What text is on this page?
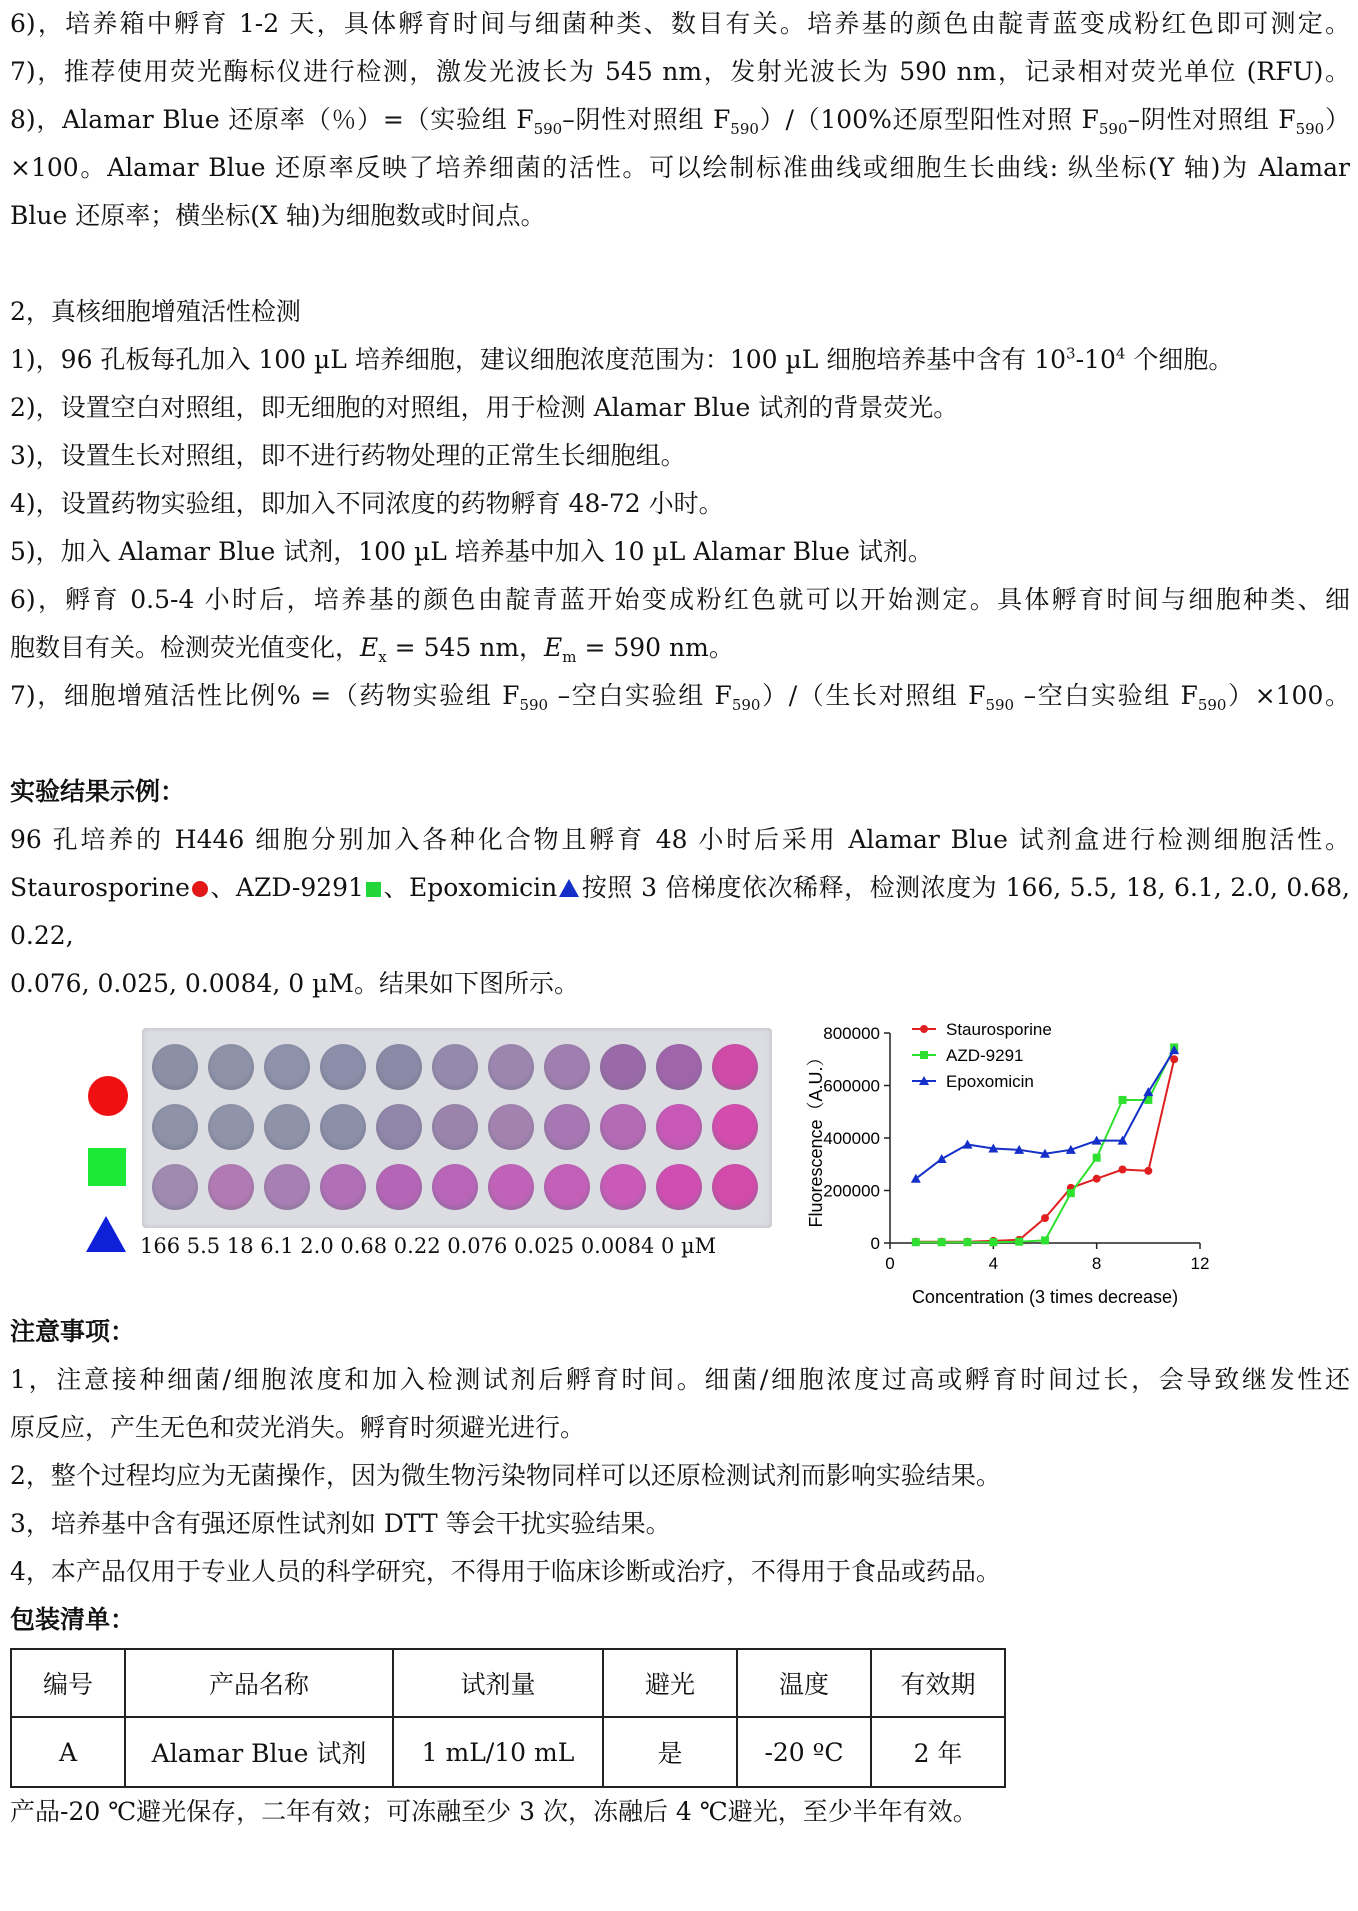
6)，培养箱中孵育 1-2 天，具体孵育时间与细菌种类、数目有关。培养基的颜色由靛青蓝变成粉红色即可测定。
7)，推荐使用荧光酶标仪进行检测，激发光波长为 545 nm，发射光波长为 590 nm，记录相对荧光单位 (RFU)。
8)，Alamar Blue 还原率（％）=（实验组 $F_{590}-$阴性对照组 $F_{590})/(100\%$还原型阳性对照 $F_{590}-$阴性对照组 $F_{590}$）
×100。Alamar Blue 还原率反映了培养细菌的活性。可以绘制标准曲线或细胞生长曲线: 纵坐标(Y 轴)为 Alamar
Blue 还原率；横坐标(X 轴)为细胞数或时间点。
2，真核细胞增殖活性检测
1)，96 孔板每孔加入 100 µL 培养细胞，建议细胞浓度范围为：100 µL 细胞培养基中含有 $10^3-10^4$ 个细胞。
2)，设置空白对照组，即无细胞的对照组，用于检测 Alamar Blue 试剂的背景荧光。
3)，设置生长对照组，即不进行药物处理的正常生长细胞组。
4)，设置药物实验组，即加入不同浓度的药物孵育 48-72 小时。
5)，加入 Alamar Blue 试剂，100 µL 培养基中加入 10 µL Alamar Blue 试剂。
6)，孵育 0.5-4 小时后，培养基的颜色由靛青蓝开始变成粉红色就可以开始测定。具体孵育时间与细胞种类、细
胞数目有关。检测荧光值变化，$E_x = 545$ nm，$E_m = 590$ nm。
7)，细胞增殖活性比例% =（药物实验组 $F_{590}$ –空白实验组 $F_{590})/$（生长对照组 $F_{590}$ –空白实验组 $F_{590})\times 100$。
实验结果示例：
96 孔培养的 H446 细胞分别加入各种化合物且孵育 48 小时后采用 Alamar Blue 试剂盒进行检测细胞活性。
Staurosporine 、AZD-9291 、Epoxomicin 按照 3 倍梯度依次稀释，检测浓度为 166, 5.5, 18, 6.1, 2.0, 0.68, 0.22,
0.076, 0.025, 0.0084, 0 µM。结果如下图所示。
166 5.5 18 6.1 2.0 0.68 0.22 0.076 0.025 0.0084 0 µM	0
200000
400000
600000
800000
0	4	8	12
Staurosporine
AZD-9291
Epoxomicin
Concentration (3 times decrease)
Fluorescence（A.U.）
注意事项：
1，注意接种细菌/细胞浓度和加入检测试剂后孵育时间。细菌/细胞浓度过高或孵育时间过长，会导致继发性还
原反应，产生无色和荧光消失。孵育时须避光进行。
2，整个过程均应为无菌操作，因为微生物污染物同样可以还原检测试剂而影响实验结果。
3，培养基中含有强还原性试剂如 DTT 等会干扰实验结果。
4，本产品仅用于专业人员的科学研究，不得用于临床诊断或治疗，不得用于食品或药品。
包装清单：
编号	产品名称	试剂量	避光	温度	有效期
A	Alamar Blue 试剂	1 mL/10 mL	是	-20 ºC	2 年
产品-20 ℃避光保存，二年有效；可冻融至少 3 次，冻融后 4 ℃避光，至少半年有效。
